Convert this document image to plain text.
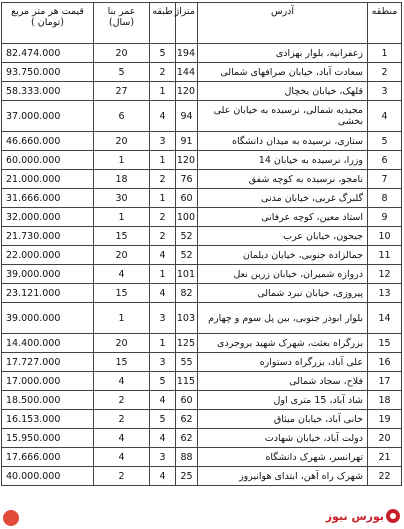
منطقه	آدرس	متراژ	طبقه	عمر بنا (سال)	قیمت هر متر مربع (تومان )
1	زعفرانیه، بلوار بهزادی	194	5	20	82.474.000
2	سعادت آباد، خیابان صرافهای شمالی	144	2	5	93.750.000
3	قلهک، خیابان یخچال	120	1	27	58.333.000
4	مجیدیه شمالی، نرسیده به خیابان علی بخشی	94	4	6	37.000.000
5	ستاری، نرسیده به میدان دانشگاه	91	3	20	46.660.000
6	وزرا، نرسیده به خیابان 14	120	1	1	60.000.000
7	نامجو، نرسیده به کوچه شفق	76	2	18	21.000.000
8	گلبرگ غربی، خیابان مدنی	60	1	30	31.666.000
9	استاد معین، کوچه عرفانی	100	2	1	32.000.000
10	جیحون، خیابان عرب	52	2	15	21.730.000
11	جمالزاده جنوبی، خیابان دیلمان	52	4	20	22.000.000
12	دروازه شمیران، خیابان زرین نعل	101	1	4	39.000.000
13	پیروزی، خیابان نبرد شمالی	82	4	15	23.121.000
14	بلوار ابوذر جنوبی، بین پل سوم و چهارم	103	3	1	39.000.000
15	بزرگراه بعثت، شهرک شهید بروجردی	125	1	20	14.400.000
16	علی آباد، بزرگراه دستواره	55	3	15	17.727.000
17	فلاح، سجاد شمالی	115	5	4	17.000.000
18	شاد آباد، 15 متری اول	60	4	2	18.500.000
19	خانی آباد، خیابان میثاق	62	5	2	16.153.000
20	دولت آباد، خیابان شهادت	62	4	4	15.950.000
21	تهرانسر، شهرک دانشگاه	88	3	4	17.666.000
22	شهرک راه آهن، ابتدای هوانیروز	25	4	2	40.000.000
بورس نیوز
